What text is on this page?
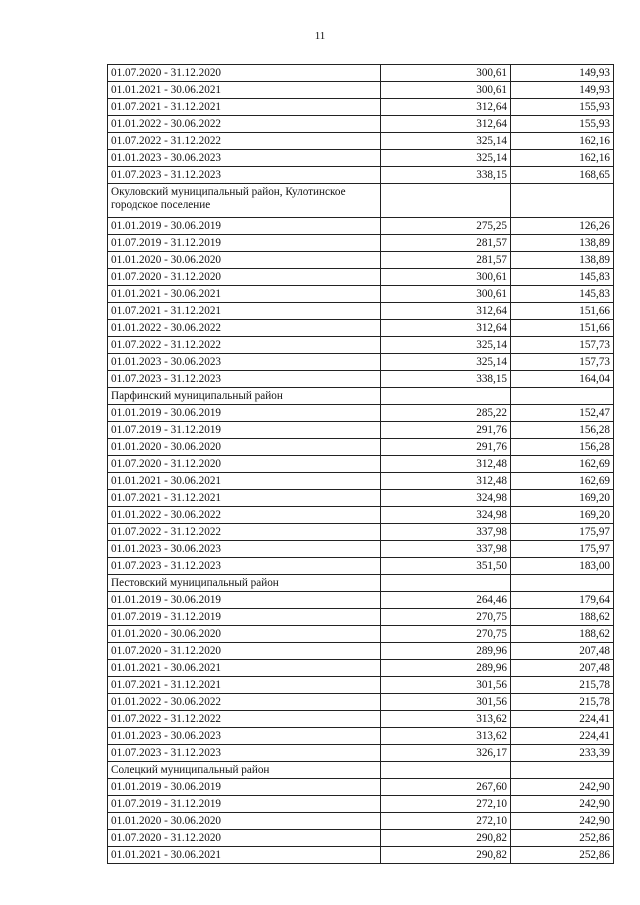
11
01.07.2020 - 31.12.2020	300,61	149,93
01.01.2021 - 30.06.2021	300,61	149,93
01.07.2021 - 31.12.2021	312,64	155,93
01.01.2022 - 30.06.2022	312,64	155,93
01.07.2022 - 31.12.2022	325,14	162,16
01.01.2023 - 30.06.2023	325,14	162,16
01.07.2023 - 31.12.2023	338,15	168,65
Окуловский муниципальный район, Кулотинское городское поселение		
01.01.2019 - 30.06.2019	275,25	126,26
01.07.2019 - 31.12.2019	281,57	138,89
01.01.2020 - 30.06.2020	281,57	138,89
01.07.2020 - 31.12.2020	300,61	145,83
01.01.2021 - 30.06.2021	300,61	145,83
01.07.2021 - 31.12.2021	312,64	151,66
01.01.2022 - 30.06.2022	312,64	151,66
01.07.2022 - 31.12.2022	325,14	157,73
01.01.2023 - 30.06.2023	325,14	157,73
01.07.2023 - 31.12.2023	338,15	164,04
Парфинский муниципальный район		
01.01.2019 - 30.06.2019	285,22	152,47
01.07.2019 - 31.12.2019	291,76	156,28
01.01.2020 - 30.06.2020	291,76	156,28
01.07.2020 - 31.12.2020	312,48	162,69
01.01.2021 - 30.06.2021	312,48	162,69
01.07.2021 - 31.12.2021	324,98	169,20
01.01.2022 - 30.06.2022	324,98	169,20
01.07.2022 - 31.12.2022	337,98	175,97
01.01.2023 - 30.06.2023	337,98	175,97
01.07.2023 - 31.12.2023	351,50	183,00
Пестовский муниципальный район		
01.01.2019 - 30.06.2019	264,46	179,64
01.07.2019 - 31.12.2019	270,75	188,62
01.01.2020 - 30.06.2020	270,75	188,62
01.07.2020 - 31.12.2020	289,96	207,48
01.01.2021 - 30.06.2021	289,96	207,48
01.07.2021 - 31.12.2021	301,56	215,78
01.01.2022 - 30.06.2022	301,56	215,78
01.07.2022 - 31.12.2022	313,62	224,41
01.01.2023 - 30.06.2023	313,62	224,41
01.07.2023 - 31.12.2023	326,17	233,39
Солецкий муниципальный район		
01.01.2019 - 30.06.2019	267,60	242,90
01.07.2019 - 31.12.2019	272,10	242,90
01.01.2020 - 30.06.2020	272,10	242,90
01.07.2020 - 31.12.2020	290,82	252,86
01.01.2021 - 30.06.2021	290,82	252,86
